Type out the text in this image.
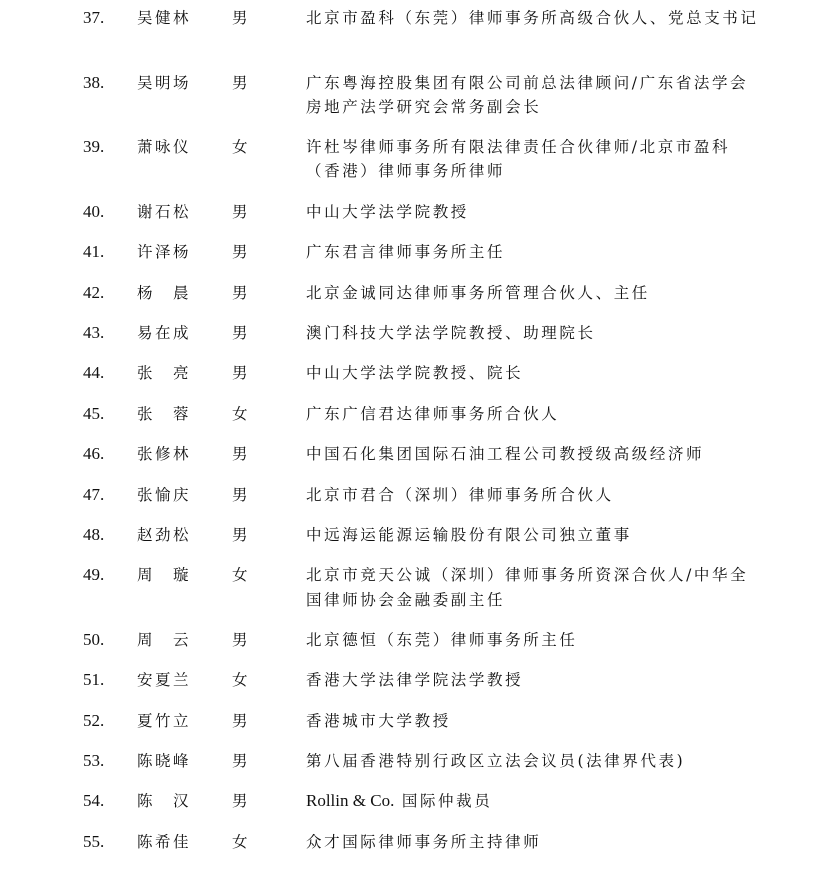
37. 吴健林	男	北京市盈科（东莞）律师事务所高级合伙人、党总支书记
38. 吴明场	男	广东粤海控股集团有限公司前总法律顾问/广东省法学会房地产法学研究会常务副会长
39. 萧咏仪	女	许杜岑律师事务所有限法律责任合伙律师/北京市盈科（香港）律师事务所律师
40. 谢石松	男	中山大学法学院教授
41. 许泽杨	男	广东君言律师事务所主任
42. 杨　晨	男	北京金诚同达律师事务所管理合伙人、主任
43. 易在成	男	澳门科技大学法学院教授、助理院长
44. 张　亮	男	中山大学法学院教授、院长
45. 张　蓉	女	广东广信君达律师事务所合伙人
46. 张修林	男	中国石化集团国际石油工程公司教授级高级经济师
47. 张愉庆	男	北京市君合（深圳）律师事务所合伙人
48. 赵劲松	男	中远海运能源运输股份有限公司独立董事
49. 周　璇	女	北京市竞天公诚（深圳）律师事务所资深合伙人/中华全国律师协会金融委副主任
50. 周　云	男	北京德恒（东莞）律师事务所主任
51. 安夏兰	女	香港大学法律学院法学教授
52. 夏竹立	男	香港城市大学教授
53. 陈晓峰	男	第八届香港特别行政区立法会议员(法律界代表)
54. 陈　汉	男	Rollin & Co. 国际仲裁员
55. 陈希佳	女	众才国际律师事务所主持律师
